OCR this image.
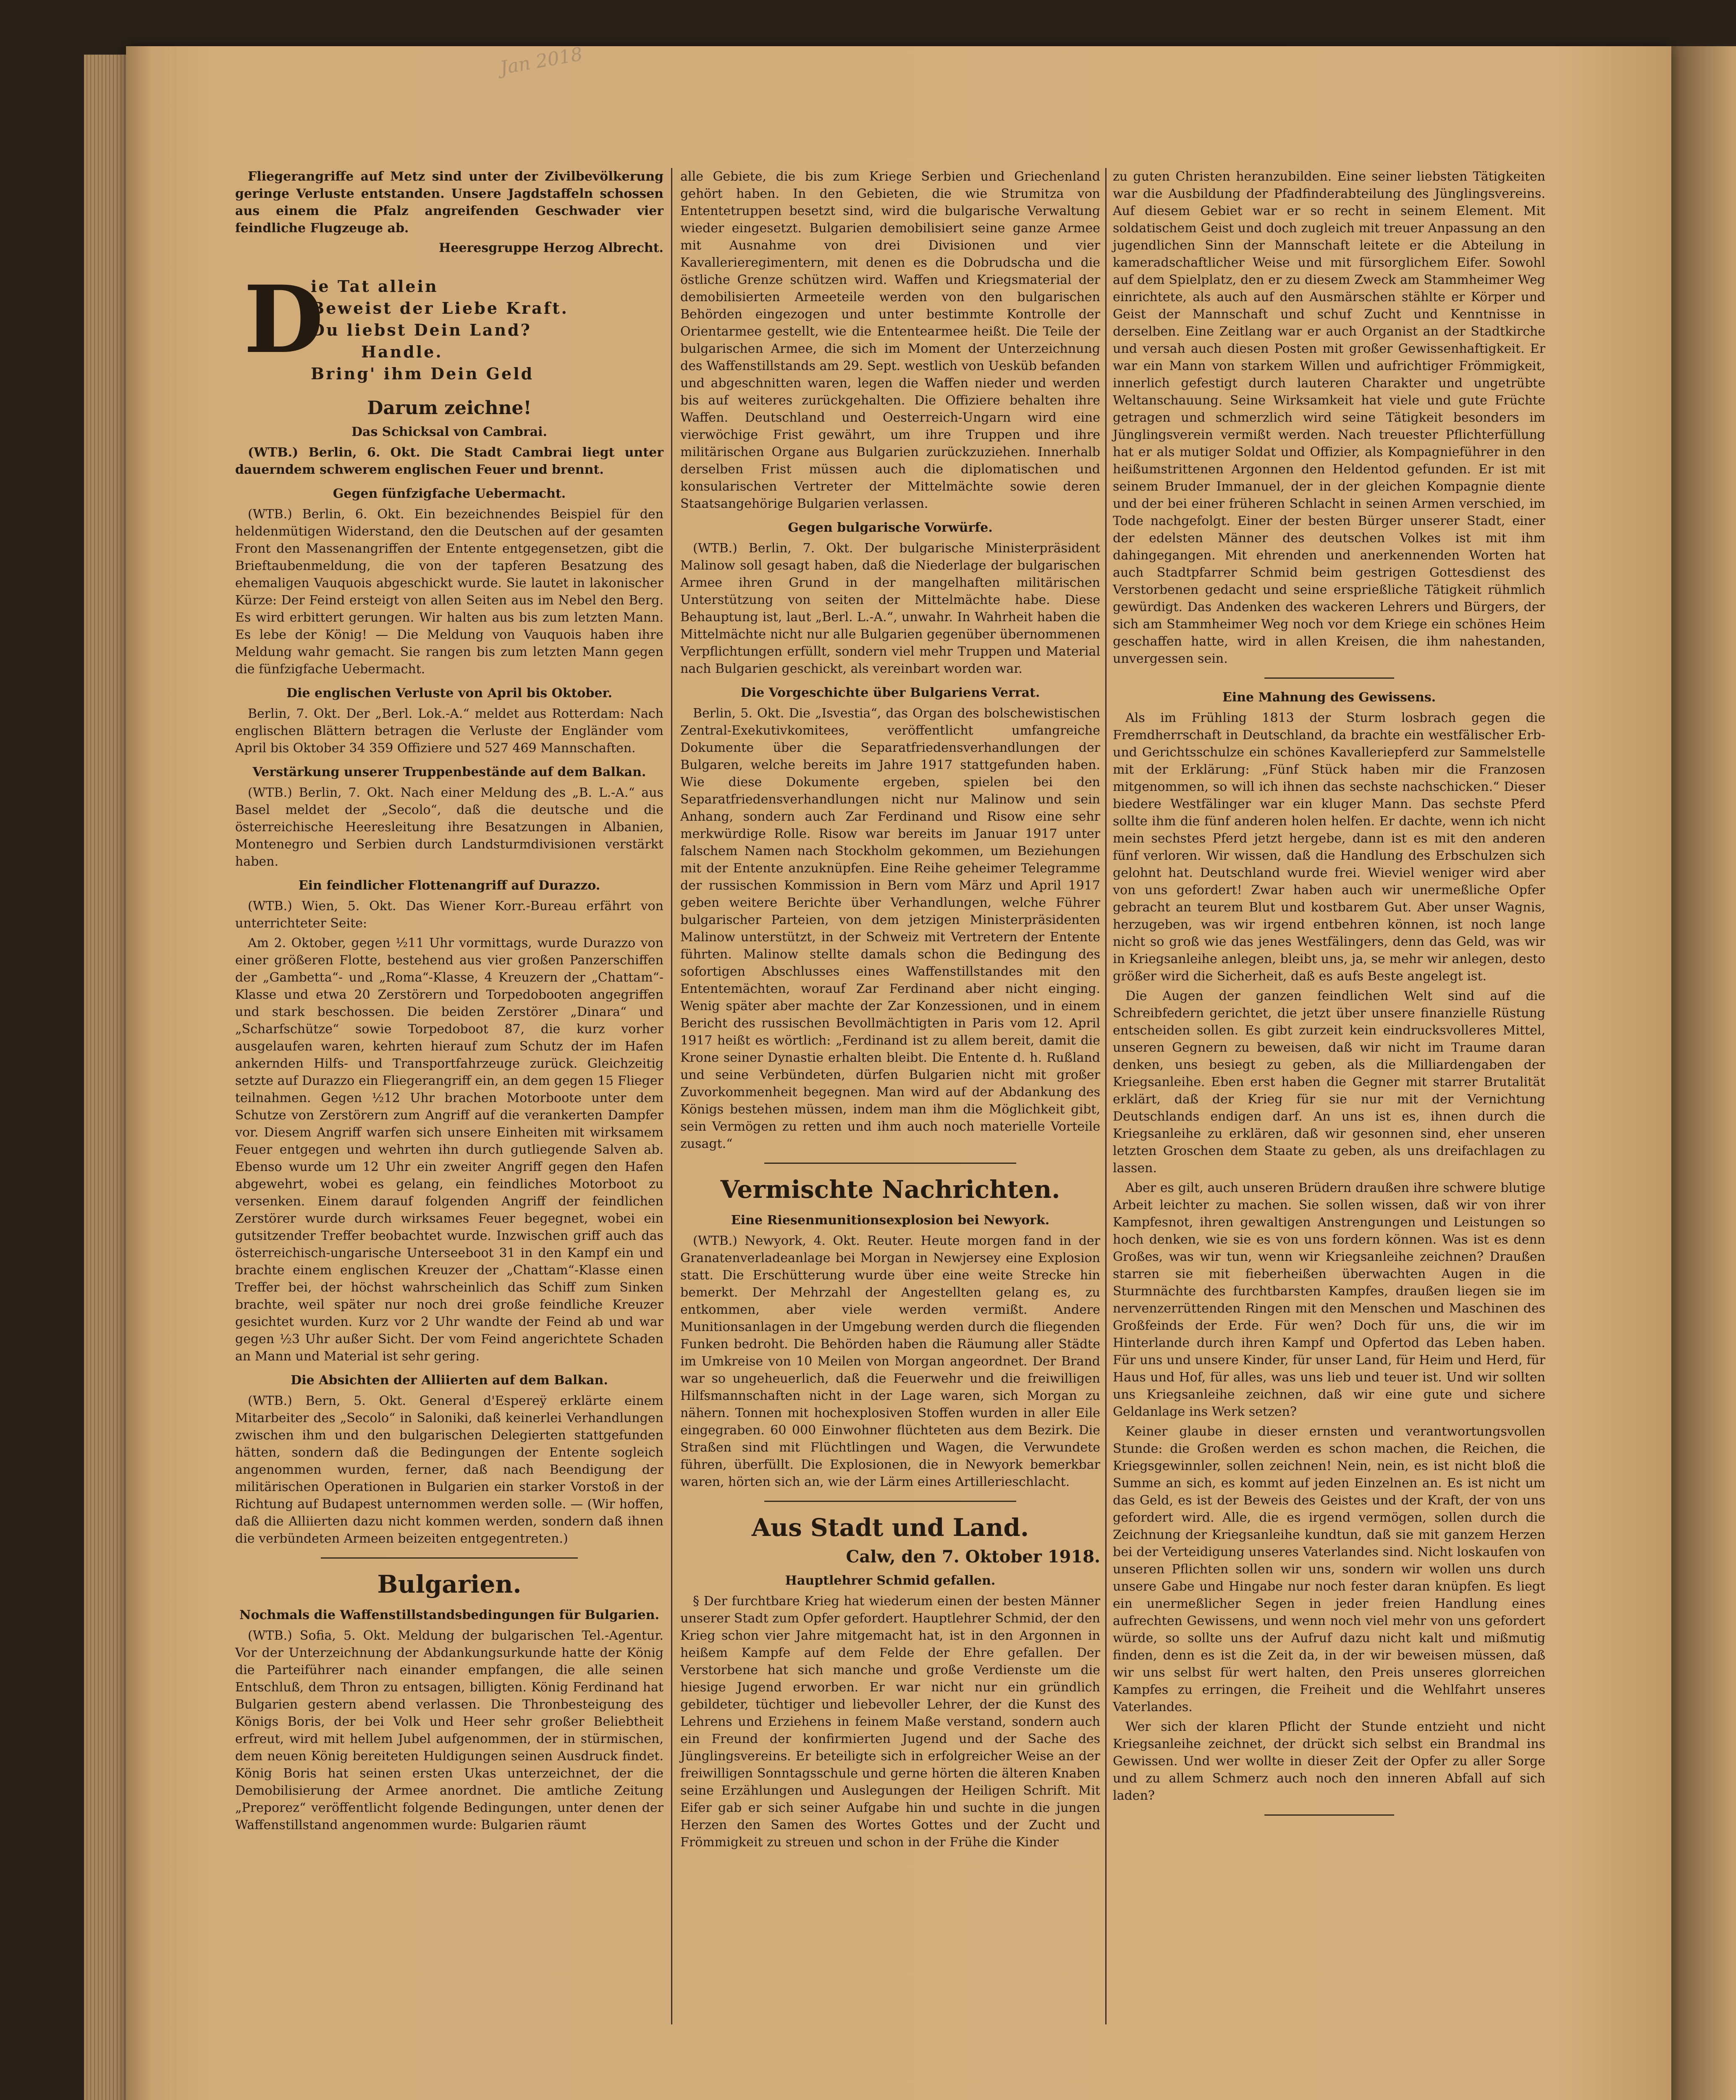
Jan 2018
Fliegerangriffe auf Metz sind unter der Zivilbevölkerung geringe Verluste entstanden. Unsere Jagdstaffeln schossen aus einem die Pfalz angreifenden Geschwader vier feindliche Flugzeuge ab.
Heeresgruppe Herzog Albrecht.
D
ie Tat allein
Beweist der Liebe Kraft.
Du liebst Dein Land?
Handle.
Bring' ihm Dein Geld
Darum zeichne!
Das Schicksal von Cambrai.
(WTB.) Berlin, 6. Okt. Die Stadt Cambrai liegt unter dauerndem schwerem englischen Feuer und brennt.
Gegen fünfzigfache Uebermacht.
(WTB.) Berlin, 6. Okt. Ein bezeichnendes Beispiel für den heldenmütigen Widerstand, den die Deutschen auf der gesamten Front den Massenangriffen der Entente entgegensetzen, gibt die Brieftaubenmeldung, die von der tapferen Besatzung des ehemaligen Vauquois abgeschickt wurde. Sie lautet in lakonischer Kürze: Der Feind ersteigt von allen Seiten aus im Nebel den Berg. Es wird erbittert gerungen. Wir halten aus bis zum letzten Mann. Es lebe der König! — Die Meldung von Vauquois haben ihre Meldung wahr gemacht. Sie rangen bis zum letzten Mann gegen die fünfzigfache Uebermacht.
Die englischen Verluste von April bis Oktober.
Berlin, 7. Okt. Der „Berl. Lok.-A.“ meldet aus Rotterdam: Nach englischen Blättern betragen die Verluste der Engländer vom April bis Oktober 34 359 Offiziere und 527 469 Mannschaften.
Verstärkung unserer Truppenbestände auf dem Balkan.
(WTB.) Berlin, 7. Okt. Nach einer Meldung des „B. L.-A.“ aus Basel meldet der „Secolo“, daß die deutsche und die österreichische Heeresleitung ihre Besatzungen in Albanien, Montenegro und Serbien durch Landsturmdivisionen verstärkt haben.
Ein feindlicher Flottenangriff auf Durazzo.
(WTB.) Wien, 5. Okt. Das Wiener Korr.-Bureau erfährt von unterrichteter Seite:
Am 2. Oktober, gegen ½11 Uhr vormittags, wurde Durazzo von einer größeren Flotte, bestehend aus vier großen Panzerschiffen der „Gambetta“- und „Roma“-Klasse, 4 Kreuzern der „Chattam“-Klasse und etwa 20 Zerstörern und Torpedobooten angegriffen und stark beschossen. Die beiden Zerstörer „Dinara“ und „Scharfschütze“ sowie Torpedoboot 87, die kurz vorher ausgelaufen waren, kehrten hierauf zum Schutz der im Hafen ankernden Hilfs- und Transportfahrzeuge zurück. Gleichzeitig setzte auf Durazzo ein Fliegerangriff ein, an dem gegen 15 Flieger teilnahmen. Gegen ½12 Uhr brachen Motorboote unter dem Schutze von Zerstörern zum Angriff auf die verankerten Dampfer vor. Diesem Angriff warfen sich unsere Einheiten mit wirksamem Feuer entgegen und wehrten ihn durch gutliegende Salven ab. Ebenso wurde um 12 Uhr ein zweiter Angriff gegen den Hafen abgewehrt, wobei es gelang, ein feindliches Motorboot zu versenken. Einem darauf folgenden Angriff der feindlichen Zerstörer wurde durch wirksames Feuer begegnet, wobei ein gutsitzender Treffer beobachtet wurde. Inzwischen griff auch das österreichisch-ungarische Unterseeboot 31 in den Kampf ein und brachte einem englischen Kreuzer der „Chattam“-Klasse einen Treffer bei, der höchst wahrscheinlich das Schiff zum Sinken brachte, weil später nur noch drei große feindliche Kreuzer gesichtet wurden. Kurz vor 2 Uhr wandte der Feind ab und war gegen ½3 Uhr außer Sicht. Der vom Feind angerichtete Schaden an Mann und Material ist sehr gering.
Die Absichten der Alliierten auf dem Balkan.
(WTB.) Bern, 5. Okt. General d'Espereÿ erklärte einem Mitarbeiter des „Secolo“ in Saloniki, daß keinerlei Verhandlungen zwischen ihm und den bulgarischen Delegierten stattgefunden hätten, sondern daß die Bedingungen der Entente sogleich angenommen wurden, ferner, daß nach Beendigung der militärischen Operationen in Bulgarien ein starker Vorstoß in der Richtung auf Budapest unternommen werden solle. — (Wir hoffen, daß die Alliierten dazu nicht kommen werden, sondern daß ihnen die verbündeten Armeen beizeiten entgegentreten.)
Bulgarien.
Nochmals die Waffenstillstandsbedingungen für Bulgarien.
(WTB.) Sofia, 5. Okt. Meldung der bulgarischen Tel.-Agentur. Vor der Unterzeichnung der Abdankungsurkunde hatte der König die Parteiführer nach einander empfangen, die alle seinen Entschluß, dem Thron zu entsagen, billigten. König Ferdinand hat Bulgarien gestern abend verlassen. Die Thronbesteigung des Königs Boris, der bei Volk und Heer sehr großer Beliebtheit erfreut, wird mit hellem Jubel aufgenommen, der in stürmischen, dem neuen König bereiteten Huldigungen seinen Ausdruck findet. König Boris hat seinen ersten Ukas unterzeichnet, der die Demobilisierung der Armee anordnet. Die amtliche Zeitung „Preporez“ veröffentlicht folgende Bedingungen, unter denen der Waffenstillstand angenommen wurde: Bulgarien räumt
alle Gebiete, die bis zum Kriege Serbien und Griechenland gehört haben. In den Gebieten, die wie Strumitza von Ententetruppen besetzt sind, wird die bulgarische Verwaltung wieder eingesetzt. Bulgarien demobilisiert seine ganze Armee mit Ausnahme von drei Divisionen und vier Kavallerieregimentern, mit denen es die Dobrudscha und die östliche Grenze schützen wird. Waffen und Kriegsmaterial der demobilisierten Armeeteile werden von den bulgarischen Behörden eingezogen und unter bestimmte Kontrolle der Orientarmee gestellt, wie die Ententearmee heißt. Die Teile der bulgarischen Armee, die sich im Moment der Unterzeichnung des Waffenstillstands am 29. Sept. westlich von Uesküb befanden und abgeschnitten waren, legen die Waffen nieder und werden bis auf weiteres zurückgehalten. Die Offiziere behalten ihre Waffen. Deutschland und Oesterreich-Ungarn wird eine vierwöchige Frist gewährt, um ihre Truppen und ihre militärischen Organe aus Bulgarien zurückzuziehen. Innerhalb derselben Frist müssen auch die diplomatischen und konsularischen Vertreter der Mittelmächte sowie deren Staatsangehörige Bulgarien verlassen.
Gegen bulgarische Vorwürfe.
(WTB.) Berlin, 7. Okt. Der bulgarische Ministerpräsident Malinow soll gesagt haben, daß die Niederlage der bulgarischen Armee ihren Grund in der mangelhaften militärischen Unterstützung von seiten der Mittelmächte habe. Diese Behauptung ist, laut „Berl. L.-A.“, unwahr. In Wahrheit haben die Mittelmächte nicht nur alle Bulgarien gegenüber übernommenen Verpflichtungen erfüllt, sondern viel mehr Truppen und Material nach Bulgarien geschickt, als vereinbart worden war.
Die Vorgeschichte über Bulgariens Verrat.
Berlin, 5. Okt. Die „Isvestia“, das Organ des bolschewistischen Zentral-Exekutivkomitees, veröffentlicht umfangreiche Dokumente über die Separatfriedensverhandlungen der Bulgaren, welche bereits im Jahre 1917 stattgefunden haben. Wie diese Dokumente ergeben, spielen bei den Separatfriedensverhandlungen nicht nur Malinow und sein Anhang, sondern auch Zar Ferdinand und Risow eine sehr merkwürdige Rolle. Risow war bereits im Januar 1917 unter falschem Namen nach Stockholm gekommen, um Beziehungen mit der Entente anzuknüpfen. Eine Reihe geheimer Telegramme der russischen Kommission in Bern vom März und April 1917 geben weitere Berichte über Verhandlungen, welche Führer bulgarischer Parteien, von dem jetzigen Ministerpräsidenten Malinow unterstützt, in der Schweiz mit Vertretern der Entente führten. Malinow stellte damals schon die Bedingung des sofortigen Abschlusses eines Waffenstillstandes mit den Ententemächten, worauf Zar Ferdinand aber nicht einging. Wenig später aber machte der Zar Konzessionen, und in einem Bericht des russischen Bevollmächtigten in Paris vom 12. April 1917 heißt es wörtlich: „Ferdinand ist zu allem bereit, damit die Krone seiner Dynastie erhalten bleibt. Die Entente d. h. Rußland und seine Verbündeten, dürfen Bulgarien nicht mit großer Zuvorkommenheit begegnen. Man wird auf der Abdankung des Königs bestehen müssen, indem man ihm die Möglichkeit gibt, sein Vermögen zu retten und ihm auch noch materielle Vorteile zusagt.“
Vermischte Nachrichten.
Eine Riesenmunitionsexplosion bei Newyork.
(WTB.) Newyork, 4. Okt. Reuter. Heute morgen fand in der Granatenverladeanlage bei Morgan in Newjersey eine Explosion statt. Die Erschütterung wurde über eine weite Strecke hin bemerkt. Der Mehrzahl der Angestellten gelang es, zu entkommen, aber viele werden vermißt. Andere Munitionsanlagen in der Umgebung werden durch die fliegenden Funken bedroht. Die Behörden haben die Räumung aller Städte im Umkreise von 10 Meilen von Morgan angeordnet. Der Brand war so ungeheuerlich, daß die Feuerwehr und die freiwilligen Hilfsmannschaften nicht in der Lage waren, sich Morgan zu nähern. Tonnen mit hochexplosiven Stoffen wurden in aller Eile eingegraben. 60 000 Einwohner flüchteten aus dem Bezirk. Die Straßen sind mit Flüchtlingen und Wagen, die Verwundete führen, überfüllt. Die Explosionen, die in Newyork bemerkbar waren, hörten sich an, wie der Lärm eines Artillerieschlacht.
Aus Stadt und Land.
Calw, den 7. Oktober 1918.
Hauptlehrer Schmid gefallen.
§ Der furchtbare Krieg hat wiederum einen der besten Männer unserer Stadt zum Opfer gefordert. Hauptlehrer Schmid, der den Krieg schon vier Jahre mitgemacht hat, ist in den Argonnen in heißem Kampfe auf dem Felde der Ehre gefallen. Der Verstorbene hat sich manche und große Verdienste um die hiesige Jugend erworben. Er war nicht nur ein gründlich gebildeter, tüchtiger und liebevoller Lehrer, der die Kunst des Lehrens und Erziehens in feinem Maße verstand, sondern auch ein Freund der konfirmierten Jugend und der Sache des Jünglingsvereins. Er beteiligte sich in erfolgreicher Weise an der freiwilligen Sonntagsschule und gerne hörten die älteren Knaben seine Erzählungen und Auslegungen der Heiligen Schrift. Mit Eifer gab er sich seiner Aufgabe hin und suchte in die jungen Herzen den Samen des Wortes Gottes und der Zucht und Frömmigkeit zu streuen und schon in der Frühe die Kinder
zu guten Christen heranzubilden. Eine seiner liebsten Tätigkeiten war die Ausbildung der Pfadfinderabteilung des Jünglingsvereins. Auf diesem Gebiet war er so recht in seinem Element. Mit soldatischem Geist und doch zugleich mit treuer Anpassung an den jugendlichen Sinn der Mannschaft leitete er die Abteilung in kameradschaftlicher Weise und mit fürsorglichem Eifer. Sowohl auf dem Spielplatz, den er zu diesem Zweck am Stammheimer Weg einrichtete, als auch auf den Ausmärschen stählte er Körper und Geist der Mannschaft und schuf Zucht und Kenntnisse in derselben. Eine Zeitlang war er auch Organist an der Stadtkirche und versah auch diesen Posten mit großer Gewissenhaftigkeit. Er war ein Mann von starkem Willen und aufrichtiger Frömmigkeit, innerlich gefestigt durch lauteren Charakter und ungetrübte Weltanschauung. Seine Wirksamkeit hat viele und gute Früchte getragen und schmerzlich wird seine Tätigkeit besonders im Jünglingsverein vermißt werden. Nach treuester Pflichterfüllung hat er als mutiger Soldat und Offizier, als Kompagnieführer in den heißumstrittenen Argonnen den Heldentod gefunden. Er ist mit seinem Bruder Immanuel, der in der gleichen Kompagnie diente und der bei einer früheren Schlacht in seinen Armen verschied, im Tode nachgefolgt. Einer der besten Bürger unserer Stadt, einer der edelsten Männer des deutschen Volkes ist mit ihm dahingegangen. Mit ehrenden und anerkennenden Worten hat auch Stadtpfarrer Schmid beim gestrigen Gottesdienst des Verstorbenen gedacht und seine ersprießliche Tätigkeit rühmlich gewürdigt. Das Andenken des wackeren Lehrers und Bürgers, der sich am Stammheimer Weg noch vor dem Kriege ein schönes Heim geschaffen hatte, wird in allen Kreisen, die ihm nahestanden, unvergessen sein.
Eine Mahnung des Gewissens.
Als im Frühling 1813 der Sturm losbrach gegen die Fremdherrschaft in Deutschland, da brachte ein westfälischer Erb- und Gerichtsschulze ein schönes Kavalleriepferd zur Sammelstelle mit der Erklärung: „Fünf Stück haben mir die Franzosen mitgenommen, so will ich ihnen das sechste nachschicken.“ Dieser biedere Westfälinger war ein kluger Mann. Das sechste Pferd sollte ihm die fünf anderen holen helfen. Er dachte, wenn ich nicht mein sechstes Pferd jetzt hergebe, dann ist es mit den anderen fünf verloren. Wir wissen, daß die Handlung des Erbschulzen sich gelohnt hat. Deutschland wurde frei. Wieviel weniger wird aber von uns gefordert! Zwar haben auch wir unermeßliche Opfer gebracht an teurem Blut und kostbarem Gut. Aber unser Wagnis, herzugeben, was wir irgend entbehren können, ist noch lange nicht so groß wie das jenes Westfälingers, denn das Geld, was wir in Kriegsanleihe anlegen, bleibt uns, ja, se mehr wir anlegen, desto größer wird die Sicherheit, daß es aufs Beste angelegt ist.
Die Augen der ganzen feindlichen Welt sind auf die Schreibfedern gerichtet, die jetzt über unsere finanzielle Rüstung entscheiden sollen. Es gibt zurzeit kein eindrucksvolleres Mittel, unseren Gegnern zu beweisen, daß wir nicht im Traume daran denken, uns besiegt zu geben, als die Milliardengaben der Kriegsanleihe. Eben erst haben die Gegner mit starrer Brutalität erklärt, daß der Krieg für sie nur mit der Vernichtung Deutschlands endigen darf. An uns ist es, ihnen durch die Kriegsanleihe zu erklären, daß wir gesonnen sind, eher unseren letzten Groschen dem Staate zu geben, als uns dreifachlagen zu lassen.
Aber es gilt, auch unseren Brüdern draußen ihre schwere blutige Arbeit leichter zu machen. Sie sollen wissen, daß wir von ihrer Kampfesnot, ihren gewaltigen Anstrengungen und Leistungen so hoch denken, wie sie es von uns fordern können. Was ist es denn Großes, was wir tun, wenn wir Kriegsanleihe zeichnen? Draußen starren sie mit fieberheißen überwachten Augen in die Sturmnächte des furchtbarsten Kampfes, draußen liegen sie im nervenzerrüttenden Ringen mit den Menschen und Maschinen des Großfeinds der Erde. Für wen? Doch für uns, die wir im Hinterlande durch ihren Kampf und Opfertod das Leben haben. Für uns und unsere Kinder, für unser Land, für Heim und Herd, für Haus und Hof, für alles, was uns lieb und teuer ist. Und wir sollten uns Kriegsanleihe zeichnen, daß wir eine gute und sichere Geldanlage ins Werk setzen?
Keiner glaube in dieser ernsten und verantwortungsvollen Stunde: die Großen werden es schon machen, die Reichen, die Kriegsgewinnler, sollen zeichnen! Nein, nein, es ist nicht bloß die Summe an sich, es kommt auf jeden Einzelnen an. Es ist nicht um das Geld, es ist der Beweis des Geistes und der Kraft, der von uns gefordert wird. Alle, die es irgend vermögen, sollen durch die Zeichnung der Kriegsanleihe kundtun, daß sie mit ganzem Herzen bei der Verteidigung unseres Vaterlandes sind. Nicht loskaufen von unseren Pflichten sollen wir uns, sondern wir wollen uns durch unsere Gabe und Hingabe nur noch fester daran knüpfen. Es liegt ein unermeßlicher Segen in jeder freien Handlung eines aufrechten Gewissens, und wenn noch viel mehr von uns gefordert würde, so sollte uns der Aufruf dazu nicht kalt und mißmutig finden, denn es ist die Zeit da, in der wir beweisen müssen, daß wir uns selbst für wert halten, den Preis unseres glorreichen Kampfes zu erringen, die Freiheit und die Wehlfahrt unseres Vaterlandes.
Wer sich der klaren Pflicht der Stunde entzieht und nicht Kriegsanleihe zeichnet, der drückt sich selbst ein Brandmal ins Gewissen. Und wer wollte in dieser Zeit der Opfer zu aller Sorge und zu allem Schmerz auch noch den inneren Abfall auf sich laden?
